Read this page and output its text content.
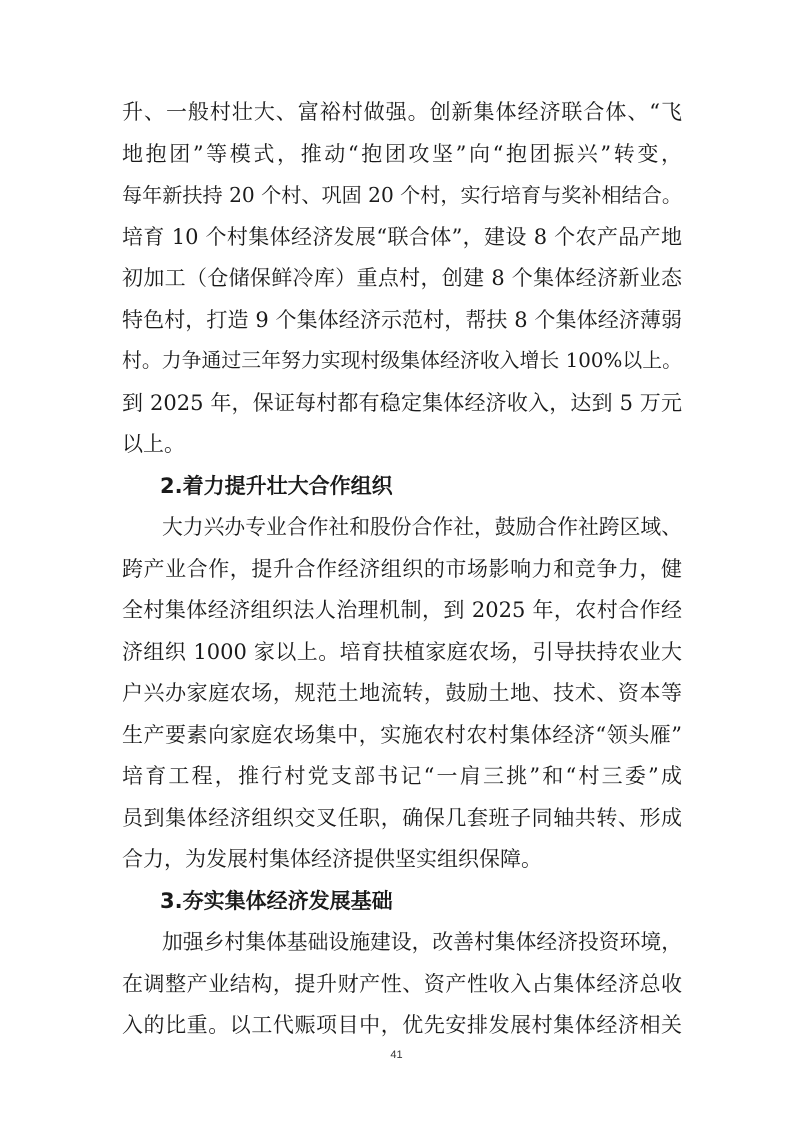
升、一般村壮大、富裕村做强。创新集体经济联合体、“飞
地抱团”等模式，推动“抱团攻坚”向“抱团振兴”转变，
每年新扶持 20 个村、巩固 20 个村，实行培育与奖补相结合。
培育 10 个村集体经济发展“联合体”，建设 8 个农产品产地
初加工（仓储保鲜冷库）重点村，创建 8 个集体经济新业态
特色村，打造 9 个集体经济示范村，帮扶 8 个集体经济薄弱
村。力争通过三年努力实现村级集体经济收入增长 100%以上。
到 2025 年，保证每村都有稳定集体经济收入，达到 5 万元
以上。
2.着力提升壮大合作组织
大力兴办专业合作社和股份合作社，鼓励合作社跨区域、
跨产业合作，提升合作经济组织的市场影响力和竞争力，健
全村集体经济组织法人治理机制，到 2025 年，农村合作经
济组织 1000 家以上。培育扶植家庭农场，引导扶持农业大
户兴办家庭农场，规范土地流转，鼓励土地、技术、资本等
生产要素向家庭农场集中，实施农村农村集体经济“领头雁”
培育工程，推行村党支部书记“一肩三挑”和“村三委”成
员到集体经济组织交叉任职，确保几套班子同轴共转、形成
合力，为发展村集体经济提供坚实组织保障。
3.夯实集体经济发展基础
加强乡村集体基础设施建设，改善村集体经济投资环境，
在调整产业结构，提升财产性、资产性收入占集体经济总收
入的比重。以工代赈项目中，优先安排发展村集体经济相关
41
